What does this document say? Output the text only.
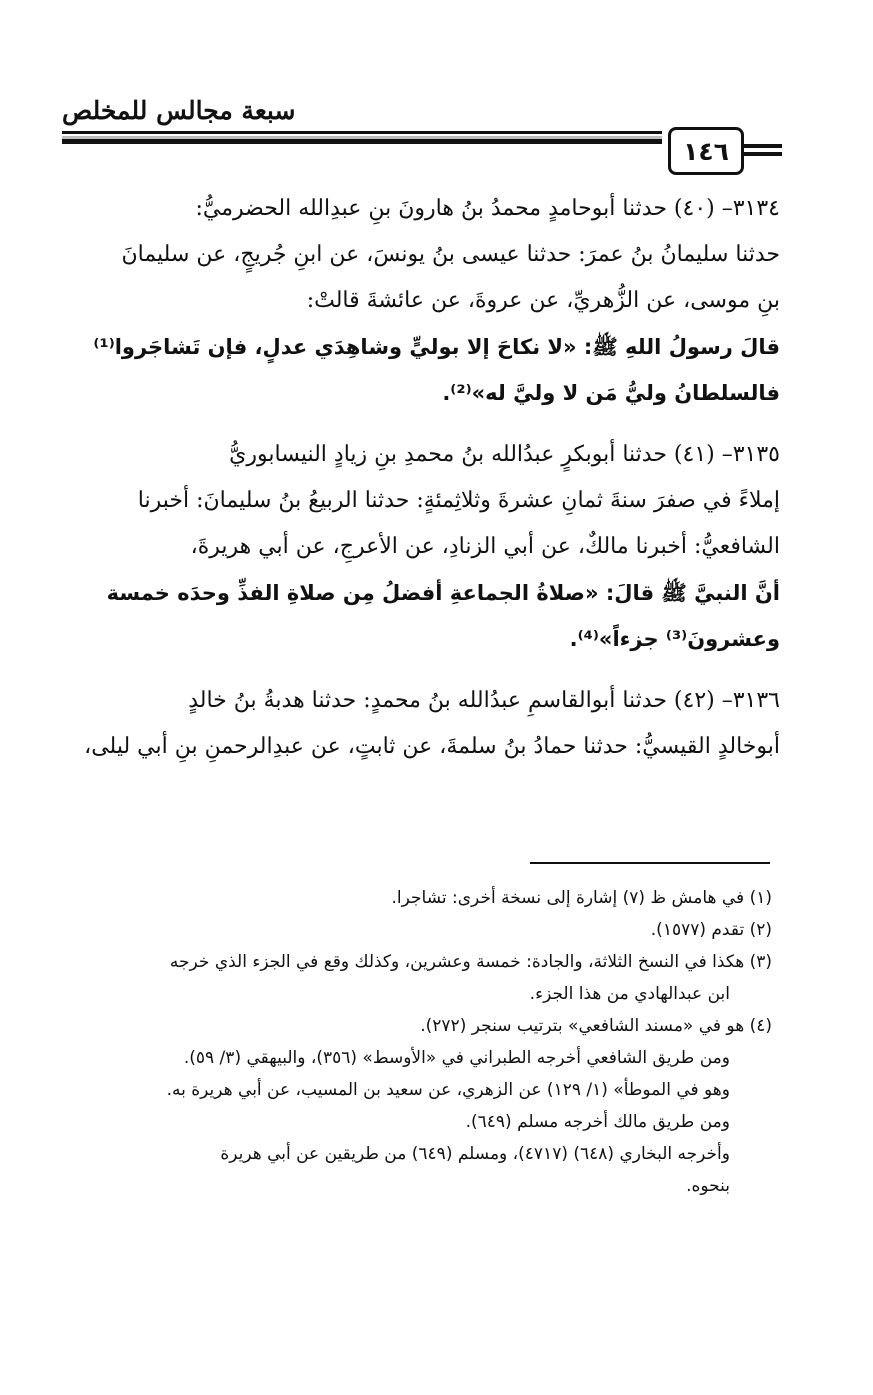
سبعة مجالس للمخلص
١٤٦

٣١٣٤– (٤٠) حدثنا أبوحامدٍ محمدُ بنُ هارونَ بنِ عبدِالله الحضرميُّ:

حدثنا سليمانُ بنُ عمرَ: حدثنا عيسى بنُ يونسَ، عن ابنِ جُريجٍ، عن سليمانَ

بنِ موسى، عن الزُّهريِّ، عن عروةَ، عن عائشةَ قالتْ:

قالَ رسولُ اللهِ ﷺ: «لا نكاحَ إلا بوليٍّ وشاهِدَي عدلٍ، فإن تَشاجَروا⁽¹⁾

فالسلطانُ وليُّ مَن لا وليَّ له»⁽²⁾.

٣١٣٥– (٤١) حدثنا أبوبكرٍ عبدُالله بنُ محمدِ بنِ زيادٍ النيسابوريُّ

إملاءً في صفرَ سنةَ ثمانِ عشرةَ وثلاثِمئةٍ: حدثنا الربيعُ بنُ سليمانَ: أخبرنا

الشافعيُّ: أخبرنا مالكٌ، عن أبي الزنادِ، عن الأعرجِ، عن أبي هريرةَ،

أنَّ النبيَّ ﷺ قالَ: «صلاةُ الجماعةِ أفضلُ مِن صلاةِ الفذِّ وحدَه خمسة

وعشرونَ⁽³⁾ جزءاً»⁽⁴⁾.

٣١٣٦– (٤٢) حدثنا أبوالقاسمِ عبدُالله بنُ محمدٍ: حدثنا هدبةُ بنُ خالدٍ

أبوخالدٍ القيسيُّ: حدثنا حمادُ بنُ سلمةَ، عن ثابتٍ، عن عبدِالرحمنِ بنِ أبي ليلى،

(١) في هامش ظ (٧) إشارة إلى نسخة أخرى: تشاجرا.

(٢) تقدم (١٥٧٧).

(٣) هكذا في النسخ الثلاثة، والجادة: خمسة وعشرين، وكذلك وقع في الجزء الذي خرجه

ابن عبدالهادي من هذا الجزء.

(٤) هو في «مسند الشافعي» بترتيب سنجر (٢٧٢).

ومن طريق الشافعي أخرجه الطبراني في «الأوسط» (٣٥٦)، والبيهقي (٣/ ٥٩).

وهو في الموطأ» (١/ ١٢٩) عن الزهري، عن سعيد بن المسيب، عن أبي هريرة به.

ومن طريق مالك أخرجه مسلم (٦٤٩).

وأخرجه البخاري (٦٤٨) (٤٧١٧)، ومسلم (٦٤٩) من طريقين عن أبي هريرة

بنحوه.
